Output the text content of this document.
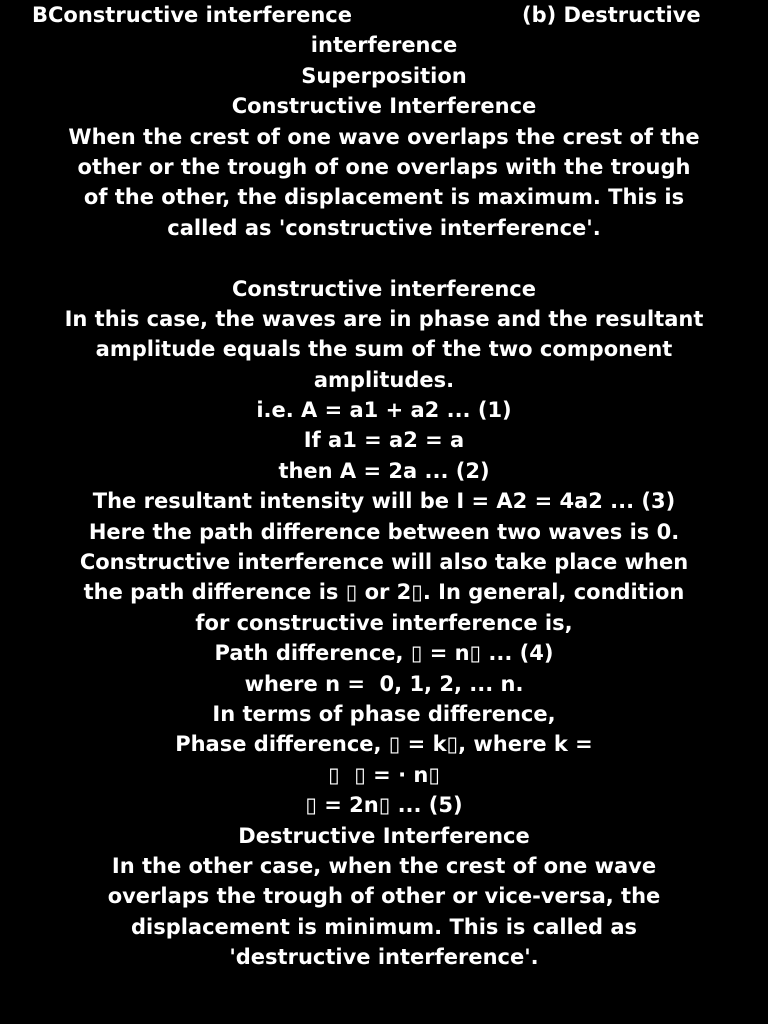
BConstructive interference	(b) Destructive
interference
Superposition
Constructive Interference
When the crest of one wave overlaps the crest of the
other or the trough of one overlaps with the trough
of the other, the displacement is maximum. This is
called as 'constructive interference'.
Constructive interference
In this case, the waves are in phase and the resultant
amplitude equals the sum of the two component
amplitudes.
i.e. A = a1 + a2 ... (1)
If a1 = a2 = a
then A = 2a ... (2)
The resultant intensity will be I = A2 = 4a2 ... (3)
Here the path difference between two waves is 0.
Constructive interference will also take place when
the path difference is ▯ or 2▯. In general, condition
for constructive interference is,
Path difference, ▯ = n▯ ... (4)
where n =  0, 1, 2, ... n.
In terms of phase difference,
Phase difference, ▯ = k▯, where k =
▯  ▯ = · n▯
▯ = 2n▯ ... (5)
Destructive Interference
In the other case, when the crest of one wave
overlaps the trough of other or vice-versa, the
displacement is minimum. This is called as
'destructive interference'.
